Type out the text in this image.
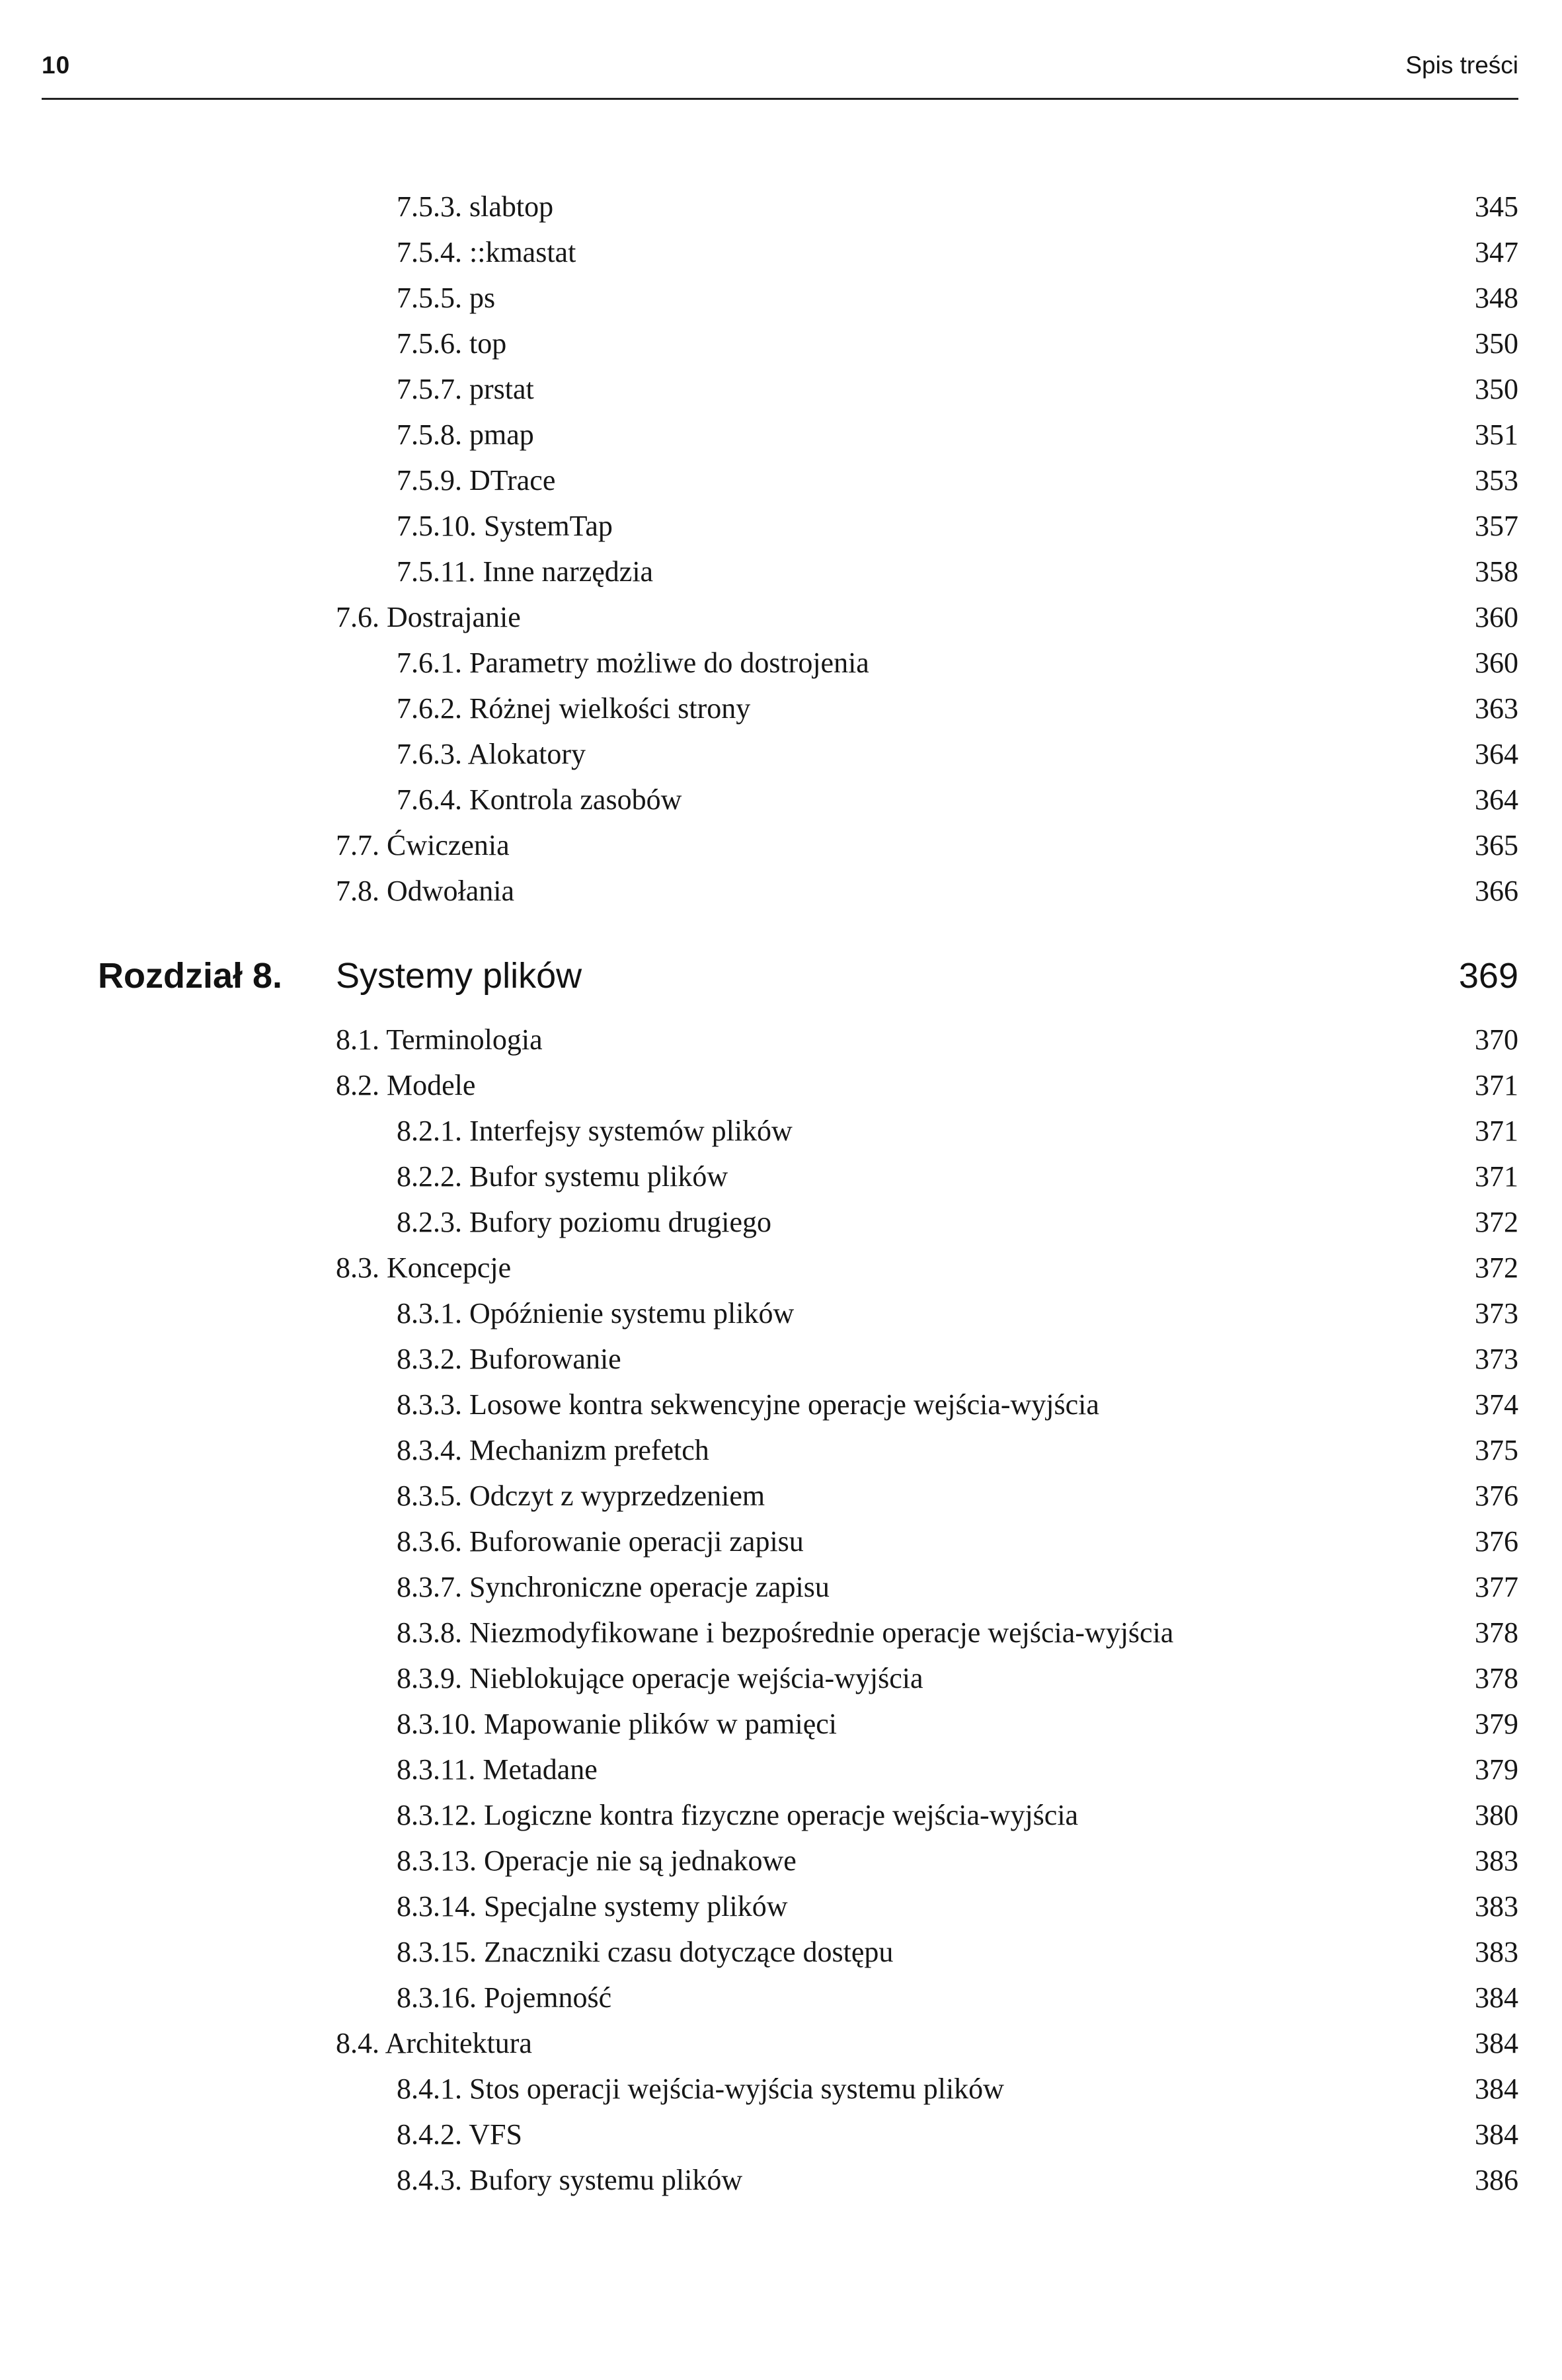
10	Spis treści
7.5.3. slabtop	345
7.5.4. ::kmastat	347
7.5.5. ps	348
7.5.6. top	350
7.5.7. prstat	350
7.5.8. pmap	351
7.5.9. DTrace	353
7.5.10. SystemTap	357
7.5.11. Inne narzędzia	358
7.6. Dostrajanie	360
7.6.1. Parametry możliwe do dostrojenia	360
7.6.2. Różnej wielkości strony	363
7.6.3. Alokatory	364
7.6.4. Kontrola zasobów	364
7.7. Ćwiczenia	365
7.8. Odwołania	366
Rozdział 8.	Systemy plików	369
8.1. Terminologia	370
8.2. Modele	371
8.2.1. Interfejsy systemów plików	371
8.2.2. Bufor systemu plików	371
8.2.3. Bufory poziomu drugiego	372
8.3. Koncepcje	372
8.3.1. Opóźnienie systemu plików	373
8.3.2. Buforowanie	373
8.3.3. Losowe kontra sekwencyjne operacje wejścia-wyjścia	374
8.3.4. Mechanizm prefetch	375
8.3.5. Odczyt z wyprzedzeniem	376
8.3.6. Buforowanie operacji zapisu	376
8.3.7. Synchroniczne operacje zapisu	377
8.3.8. Niezmodyfikowane i bezpośrednie operacje wejścia-wyjścia	378
8.3.9. Nieblokujące operacje wejścia-wyjścia	378
8.3.10. Mapowanie plików w pamięci	379
8.3.11. Metadane	379
8.3.12. Logiczne kontra fizyczne operacje wejścia-wyjścia	380
8.3.13. Operacje nie są jednakowe	383
8.3.14. Specjalne systemy plików	383
8.3.15. Znaczniki czasu dotyczące dostępu	383
8.3.16. Pojemność	384
8.4. Architektura	384
8.4.1. Stos operacji wejścia-wyjścia systemu plików	384
8.4.2. VFS	384
8.4.3. Bufory systemu plików	386
